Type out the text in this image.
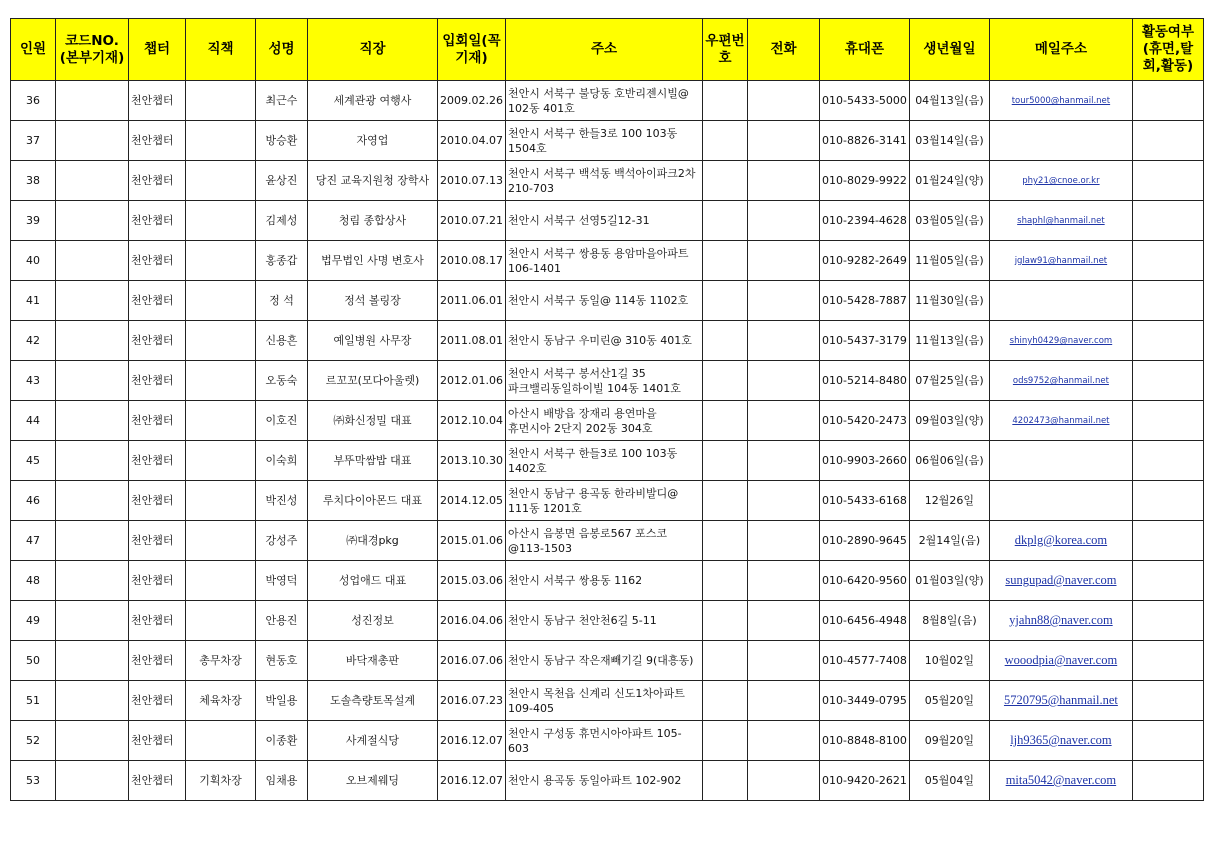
인원	코드NO.(본부기재)	챕터	직책	성명	직장	입회일(꼭기재)	주소	우편번호	전화	휴대폰	생년월일	메일주소	활동여부(휴면,탈회,활동)
36		천안챕터		최근수	세계관광 여행사	2009.02.26	천안시 서북구 불당동 호반리젠시빌@ 102동 401호			010-5433-5000	04월13일(음)	tour5000@hanmail.net	
37		천안챕터		방승환	자영업	2010.04.07	천안시 서북구 한들3로 100 103동 1504호			010-8826-3141	03월14일(음)		
38		천안챕터		윤상진	당진 교육지원청 장학사	2010.07.13	천안시 서북구 백석동 백석아이파크2차 210-703			010-8029-9922	01월24일(양)	phy21@cnoe.or.kr	
39		천안챕터		김제성	청림 종합상사	2010.07.21	천안시 서북구 선영5길12-31			010-2394-4628	03월05일(음)	shaphl@hanmail.net	
40		천안챕터		홍종갑	법무법인 사명 변호사	2010.08.17	천안시 서북구 쌍용동 용암마을아파트 106-1401			010-9282-2649	11월05일(음)	jglaw91@hanmail.net	
41		천안챕터		정 석	정석 볼링장	2011.06.01	천안시 서북구 동일@ 114동 1102호			010-5428-7887	11월30일(음)		
42		천안챕터		신용흔	예일병원 사무장	2011.08.01	천안시 동남구 우미린@ 310동 401호			010-5437-3179	11월13일(음)	shinyh0429@naver.com	
43		천안챕터		오동숙	르꼬꼬(모다아울렛)	2012.01.06	천안시 서북구 봉서산1길 35 파크밸리동일하이빌 104동 1401호			010-5214-8480	07월25일(음)	ods9752@hanmail.net	
44		천안챕터		이호진	㈜화신정밀 대표	2012.10.04	아산시 배방읍 장재리 용연마을 휴먼시아 2단지 202동 304호			010-5420-2473	09월03일(양)	4202473@hanmail.net	
45		천안챕터		이숙희	부뚜막쌈밥 대표	2013.10.30	천안시 서북구 한들3로 100 103동 1402호			010-9903-2660	06월06일(음)		
46		천안챕터		박진성	루치다이아몬드 대표	2014.12.05	천안시 동남구 용곡동 한라비발디@ 111동 1201호			010-5433-6168	12월26일		
47		천안챕터		강성주	㈜대경pkg	2015.01.06	아산시 음봉면 음봉로567 포스코@113-1503			010-2890-9645	2월14일(음)	dkplg@korea.com	
48		천안챕터		박영덕	성업애드 대표	2015.03.06	천안시 서북구 쌍용동 1162			010-6420-9560	01월03일(양)	sungupad@naver.com	
49		천안챕터		안용진	성진정보	2016.04.06	천안시 동남구 천안천6길 5-11			010-6456-4948	8월8일(음)	yjahn88@naver.com	
50		천안챕터	총무차장	현동호	바닥재총판	2016.07.06	천안시 동남구 작은재빼기길 9(대흥동)			010-4577-7408	10월02일	wooodpia@naver.com	
51		천안챕터	체육차장	박일용	도솔측량토목설계	2016.07.23	천안시 목천읍 신계리 신도1차아파트 109-405			010-3449-0795	05월20일	5720795@hanmail.net	
52		천안챕터		이종환	사계절식당	2016.12.07	천안시 구성동 휴먼시아아파트 105-603			010-8848-8100	09월20일	ljh9365@naver.com	
53		천안챕터	기획차장	임채용	오브제웨딩	2016.12.07	천안시 용곡동 동일아파트 102-902			010-9420-2621	05월04일	mita5042@naver.com	
